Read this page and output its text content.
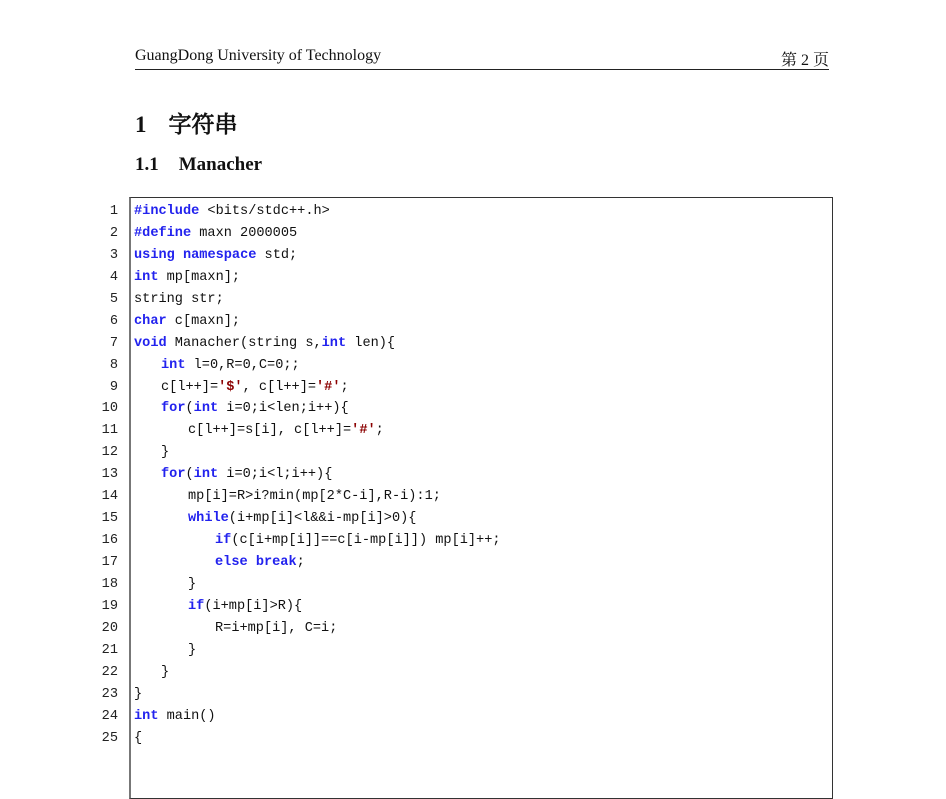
GuangDong University of Technology	第 2 页
1 字符串
1.1 Manacher
1 #include <bits/stdc++.h>
2 #define maxn 2000005
3 using namespace std;
4 int mp[maxn];
5 string str;
6 char c[maxn];
7 void Manacher(string s,int len){
8	int l=0,R=0,C=0;;
9	c[l++]='$', c[l++]='#';
10	for(int i=0;i<len;i++){
11	c[l++]=s[i], c[l++]='#';
12	}
13	for(int i=0;i<l;i++){
14	mp[i]=R>i?min(mp[2*C-i],R-i):1;
15	while(i+mp[i]<l&&i-mp[i]>0){
16	if(c[i+mp[i]]==c[i-mp[i]]) mp[i]++;
17	else break;
18	}
19	if(i+mp[i]>R){
20	R=i+mp[i], C=i;
21	}
22	}
23 }
24 int main()
25 {
